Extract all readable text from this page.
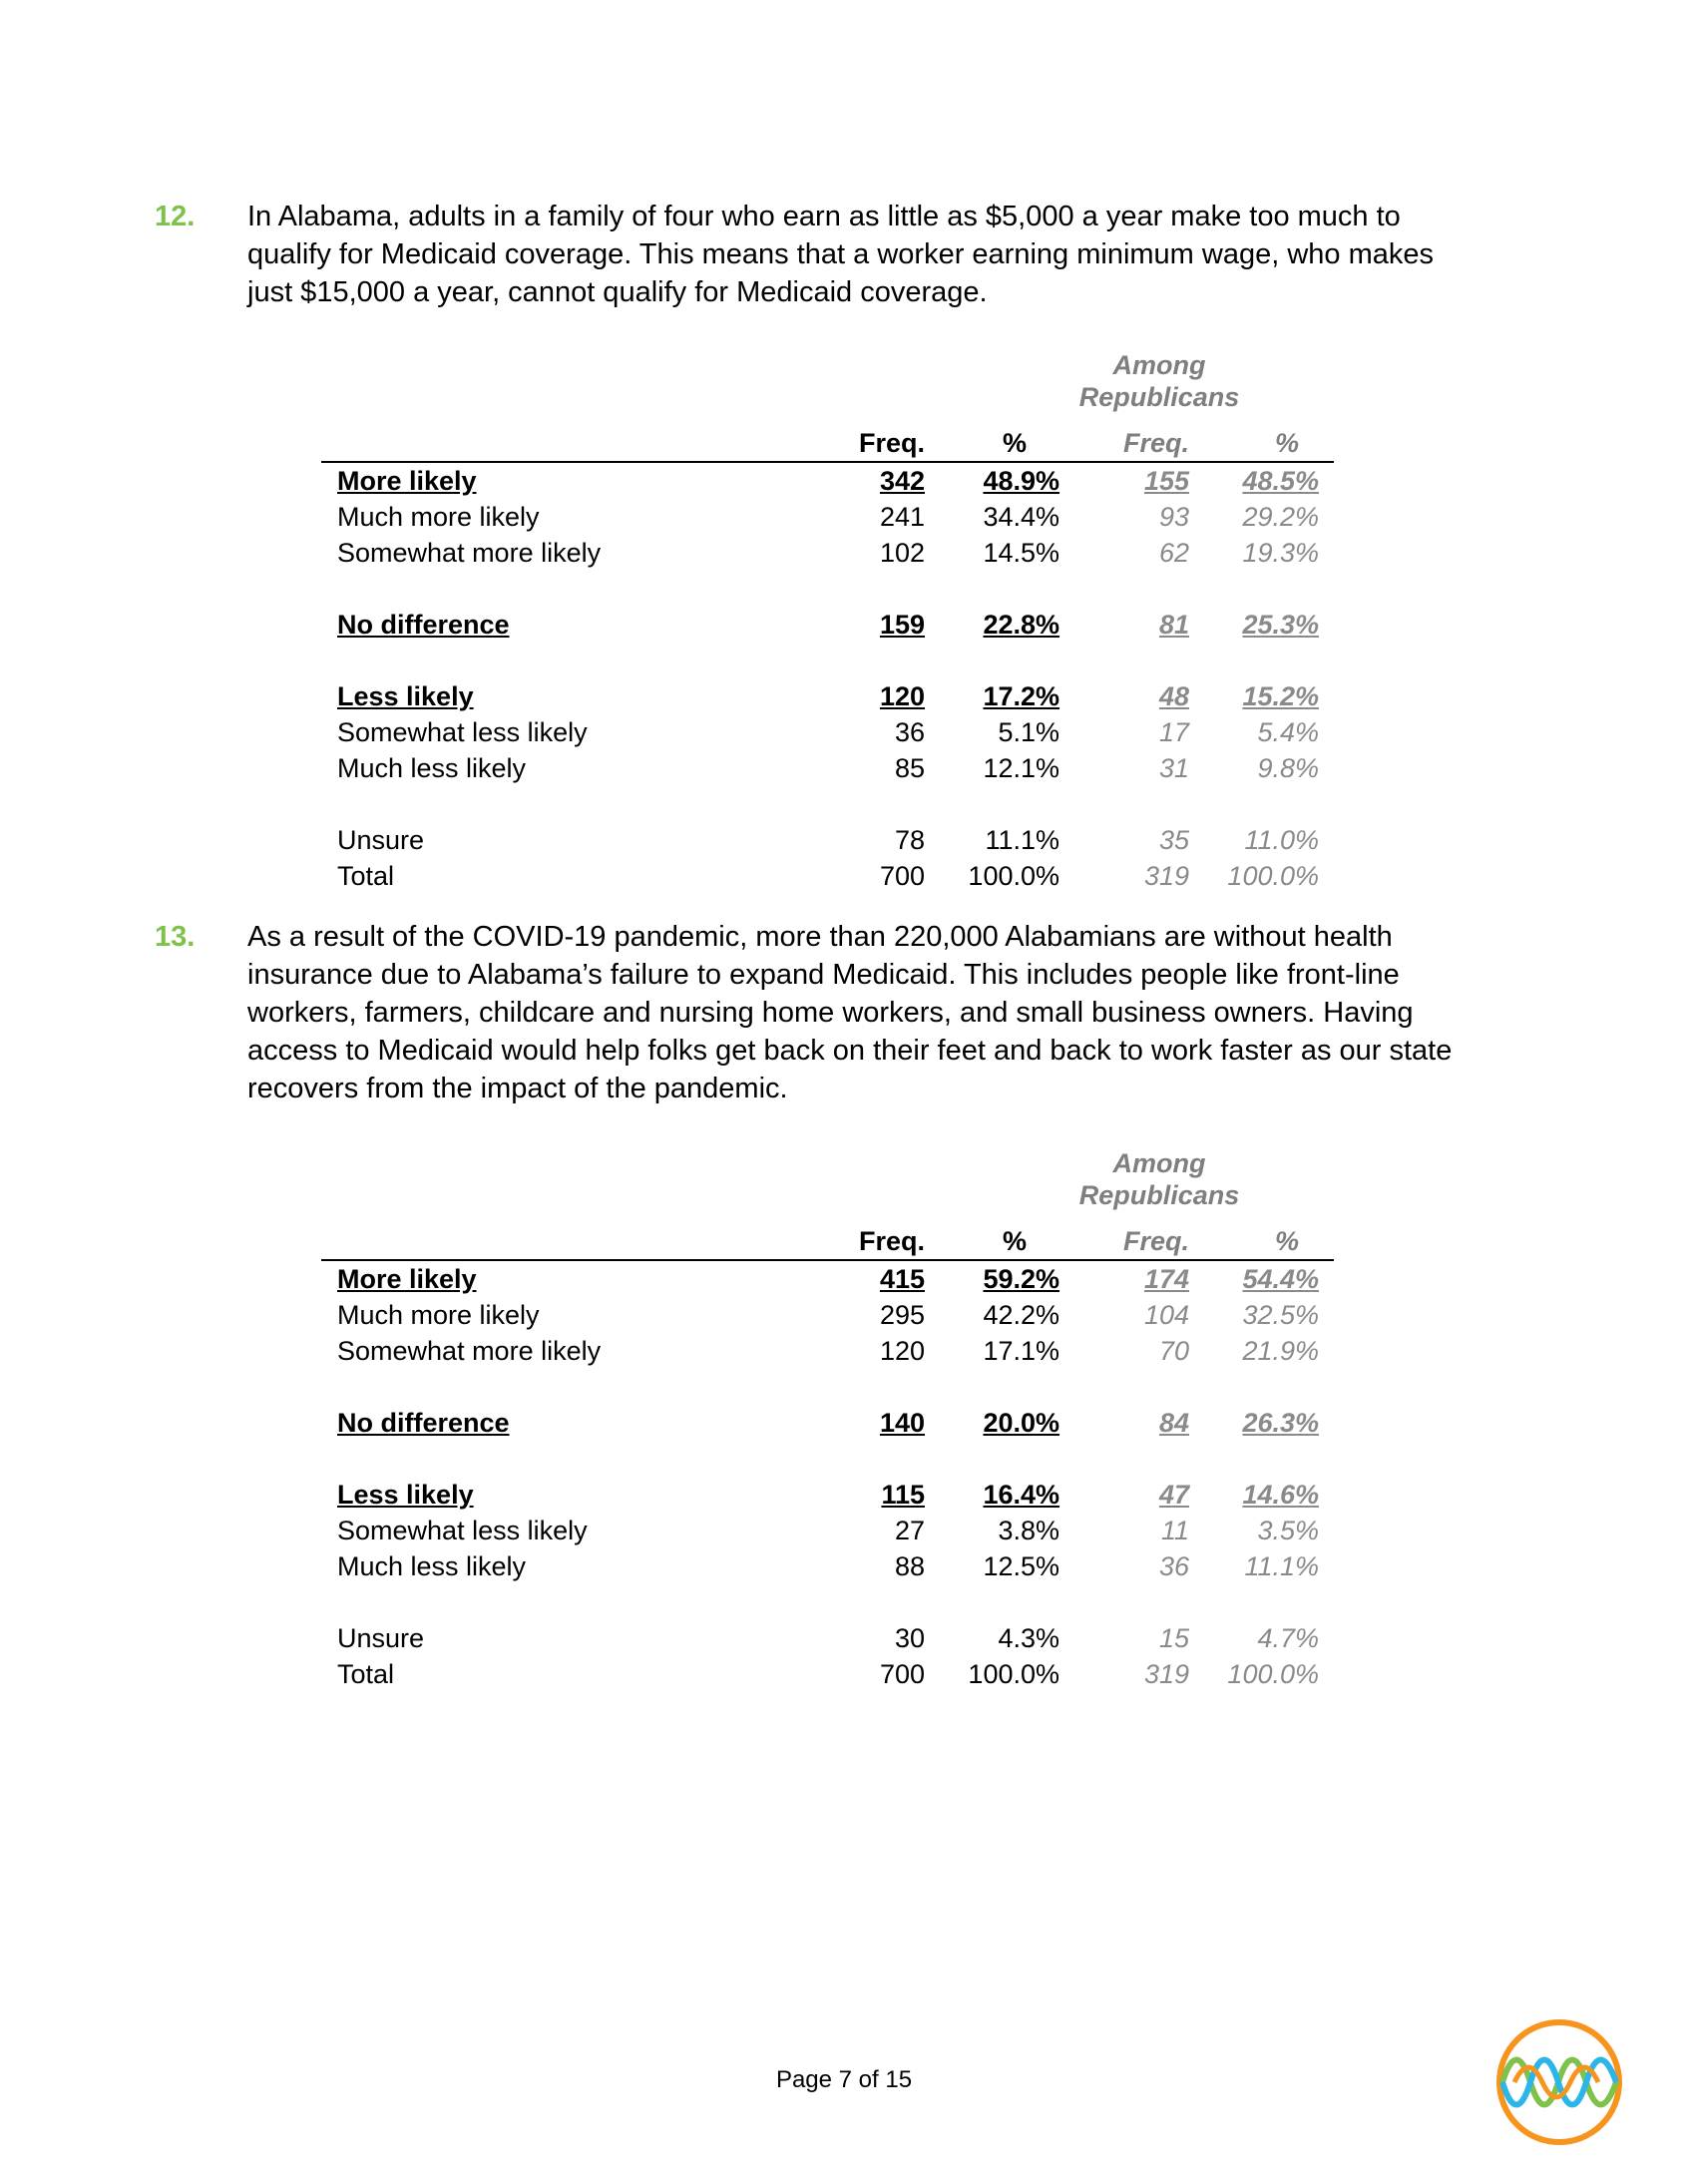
12. In Alabama, adults in a family of four who earn as little as $5,000 a year make too much to qualify for Medicaid coverage. This means that a worker earning minimum wage, who makes just $15,000 a year, cannot qualify for Medicaid coverage.
Among Republicans
Freq.	%	Freq.	%
More likely	342	48.9%	155	48.5%
Much more likely	241	34.4%	93	29.2%
Somewhat more likely	102	14.5%	62	19.3%
No difference	159	22.8%	81	25.3%
Less likely	120	17.2%	48	15.2%
Somewhat less likely	36	5.1%	17	5.4%
Much less likely	85	12.1%	31	9.8%
Unsure	78	11.1%	35	11.0%
Total	700	100.0%	319	100.0%
13. As a result of the COVID-19 pandemic, more than 220,000 Alabamians are without health insurance due to Alabama’s failure to expand Medicaid. This includes people like front-line workers, farmers, childcare and nursing home workers, and small business owners. Having access to Medicaid would help folks get back on their feet and back to work faster as our state recovers from the impact of the pandemic.
Among Republicans
Freq.	%	Freq.	%
More likely	415	59.2%	174	54.4%
Much more likely	295	42.2%	104	32.5%
Somewhat more likely	120	17.1%	70	21.9%
No difference	140	20.0%	84	26.3%
Less likely	115	16.4%	47	14.6%
Somewhat less likely	27	3.8%	11	3.5%
Much less likely	88	12.5%	36	11.1%
Unsure	30	4.3%	15	4.7%
Total	700	100.0%	319	100.0%
Page 7 of 15
